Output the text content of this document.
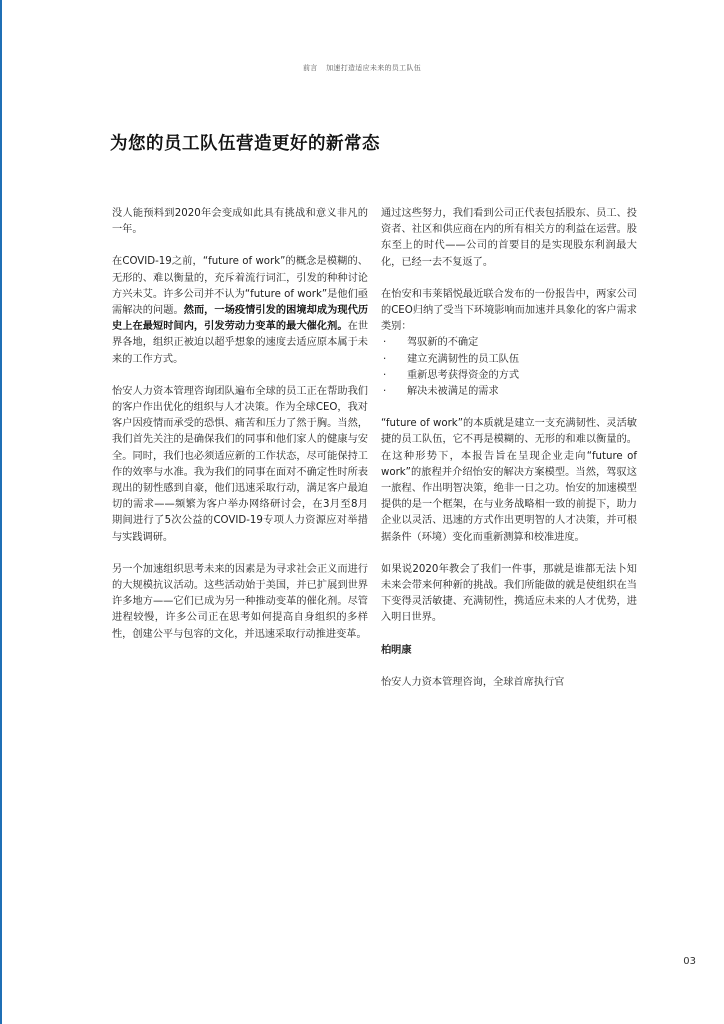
前言 加速打造适应未来的员工队伍
为您的员工队伍营造更好的新常态

没人能预料到2020年会变成如此具有挑战和意义非凡的一年。

在COVID-19之前，“future of work”的概念是模糊的、无形的、难以衡量的，充斥着流行词汇，引发的种种讨论方兴未艾。许多公司并不认为“future of work”是他们亟需解决的问题。然而，一场疫情引发的困境却成为现代历史上在最短时间内，引发劳动力变革的最大催化剂。在世界各地，组织正被迫以超乎想象的速度去适应原本属于未来的工作方式。

怡安人力资本管理咨询团队遍布全球的员工正在帮助我们的客户作出优化的组织与人才决策。作为全球CEO，我对客户因疫情而承受的恐惧、痛苦和压力了然于胸。当然，我们首先关注的是确保我们的同事和他们家人的健康与安全。同时，我们也必须适应新的工作状态，尽可能保持工作的效率与水准。我为我们的同事在面对不确定性时所表现出的韧性感到自豪，他们迅速采取行动，满足客户最迫切的需求——频繁为客户举办网络研讨会，在3月至8月期间进行了5次公益的COVID-19专项人力资源应对举措与实践调研。

另一个加速组织思考未来的因素是为寻求社会正义而进行的大规模抗议活动。这些活动始于美国，并已扩展到世界许多地方——它们已成为另一种推动变革的催化剂。尽管进程较慢，许多公司正在思考如何提高自身组织的多样性，创建公平与包容的文化，并迅速采取行动推进变革。

通过这些努力，我们看到公司正代表包括股东、员工、投资者、社区和供应商在内的所有相关方的利益在运营。股东至上的时代——公司的首要目的是实现股东利润最大化，已经一去不复返了。

在怡安和韦莱韬悦最近联合发布的一份报告中，两家公司的CEO归纳了受当下环境影响而加速并具象化的客户需求类别：

·	驾驭新的不确定
·	建立充满韧性的员工队伍
·	重新思考获得资金的方式
·	解决未被满足的需求

“future of work”的本质就是建立一支充满韧性、灵活敏捷的员工队伍，它不再是模糊的、无形的和难以衡量的。在这种形势下，本报告旨在呈现企业走向“future of work”的旅程并介绍怡安的解决方案模型。当然，驾驭这一旅程、作出明智决策，绝非一日之功。怡安的加速模型提供的是一个框架，在与业务战略相一致的前提下，助力企业以灵活、迅速的方式作出更明智的人才决策，并可根据条件（环境）变化而重新测算和校准进度。

如果说2020年教会了我们一件事，那就是谁都无法卜知未来会带来何种新的挑战。我们所能做的就是使组织在当下变得灵活敏捷、充满韧性，携适应未来的人才优势，进入明日世界。

柏明康

怡安人力资本管理咨询，全球首席执行官

03
